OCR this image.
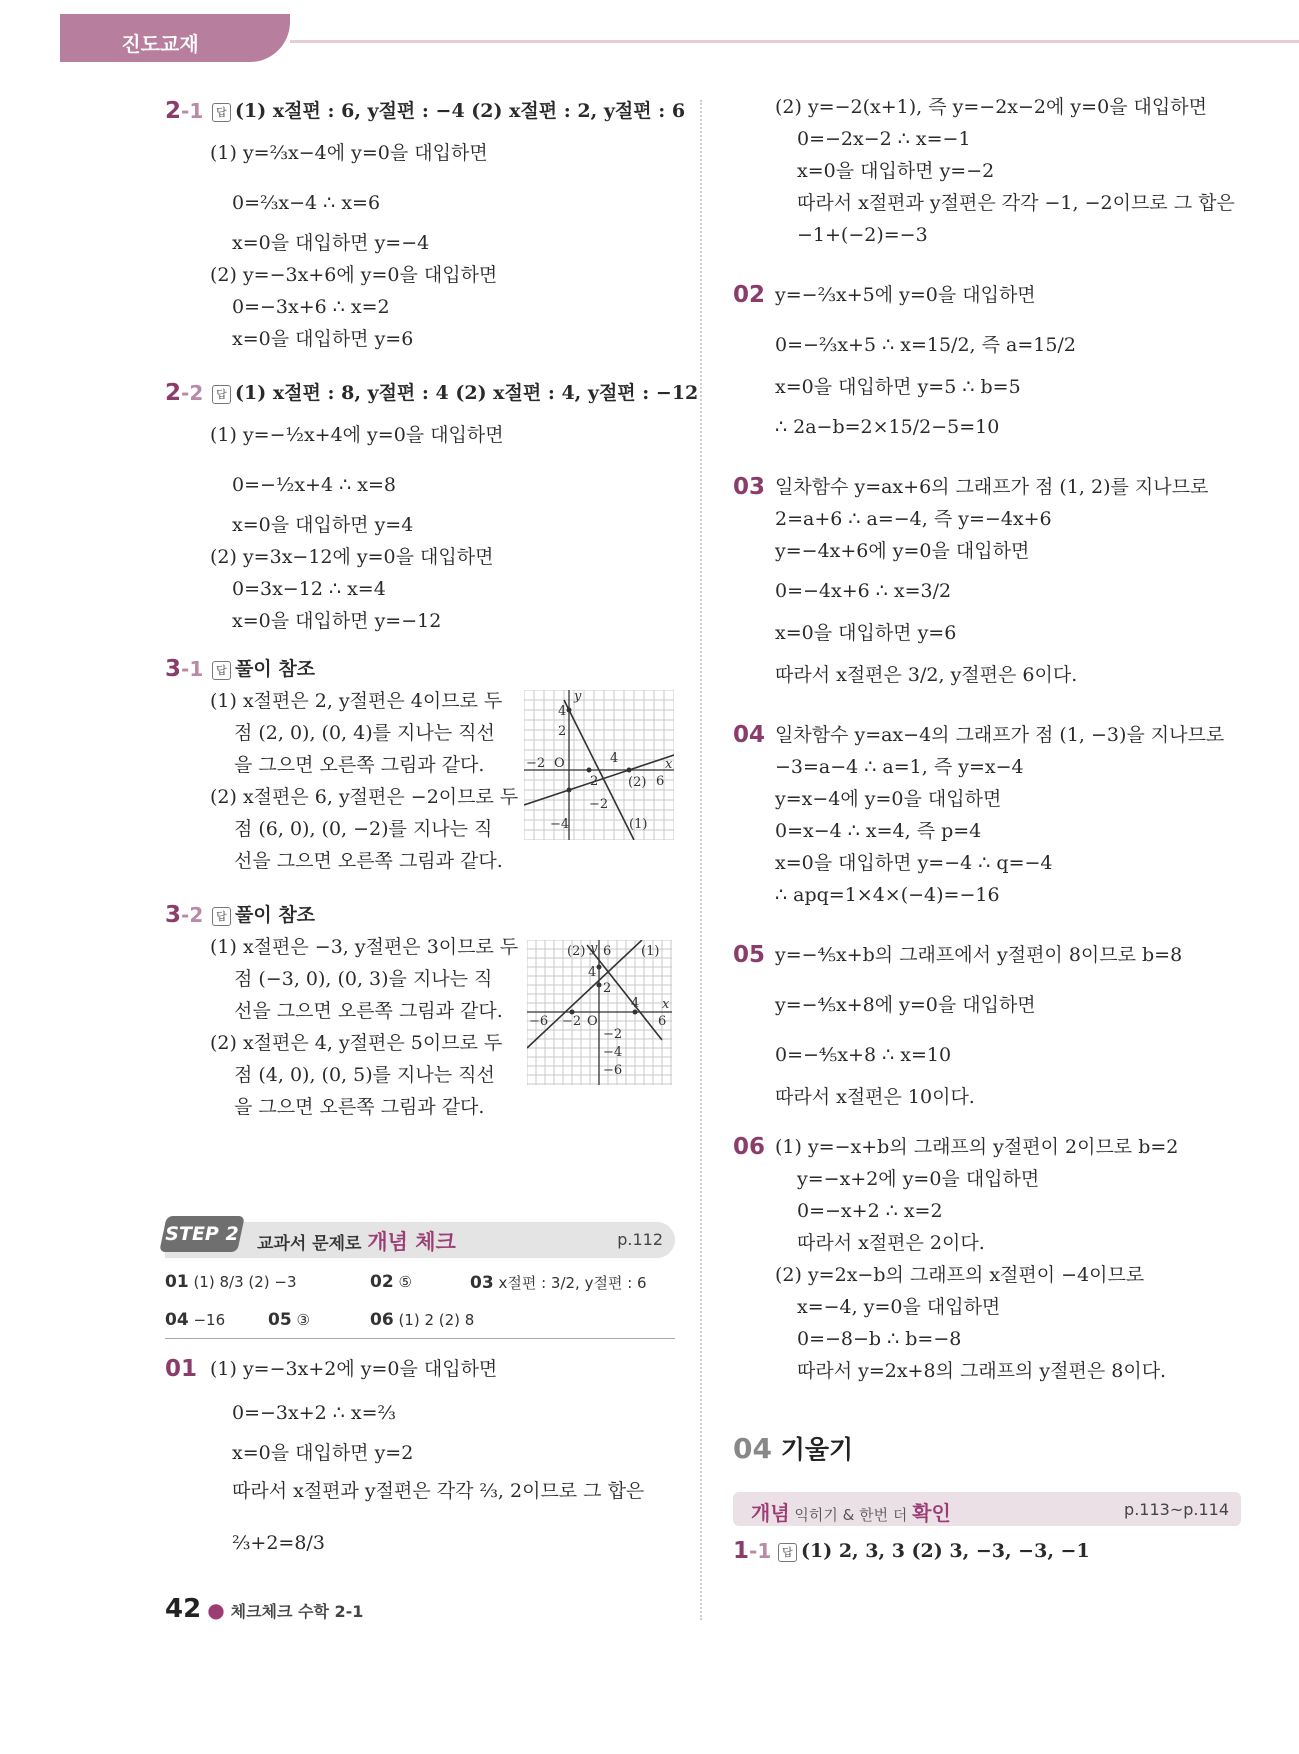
진도교재
2-1	답 (1) x절편 : 6, y절편 : −4 (2) x절편 : 2, y절편 : 6
(1) y=⅔x−4에 y=0을 대입하면
0=⅔x−4 ∴ x=6
x=0을 대입하면 y=−4
(2) y=−3x+6에 y=0을 대입하면
0=−3x+6 ∴ x=2
x=0을 대입하면 y=6
2-2	답 (1) x절편 : 8, y절편 : 4 (2) x절편 : 4, y절편 : −12
(1) y=−½x+4에 y=0을 대입하면
0=−½x+4 ∴ x=8
x=0을 대입하면 y=4
(2) y=3x−12에 y=0을 대입하면
0=3x−12 ∴ x=4
x=0을 대입하면 y=−12
3-1	답 풀이 참조
(1) x절편은 2, y절편은 4이므로 두
점 (2, 0), (0, 4)를 지나는 직선
을 그으면 오른쪽 그림과 같다.
(2) x절편은 6, y절편은 −2이므로 두
점 (6, 0), (0, −2)를 지나는 직
선을 그으면 오른쪽 그림과 같다.
y
x
O
4
2
−2
−4
−2
2
4
6
(1)
(2)
3-2	답 풀이 참조
(1) x절편은 −3, y절편은 3이므로 두
점 (−3, 0), (0, 3)을 지나는 직
선을 그으면 오른쪽 그림과 같다.
(2) x절편은 4, y절편은 5이므로 두
점 (4, 0), (0, 5)를 지나는 직선
을 그으면 오른쪽 그림과 같다.
y
x
O
6
4
2
−2
−4
−6
−6 −2
4
6
(2)	(1)
STEP 2 교과서 문제로 개념 체크	p.112
01 (1) 8/3 (2) −3	02 ⑤	03 x절편 : 3/2, y절편 : 6
04 −16	05 ③	06 (1) 2 (2) 8
01 (1) y=−3x+2에 y=0을 대입하면
0=−3x+2 ∴ x=⅔
x=0을 대입하면 y=2
따라서 x절편과 y절편은 각각 ⅔, 2이므로 그 합은
⅔+2=8/3
(2) y=−2(x+1), 즉 y=−2x−2에 y=0을 대입하면
0=−2x−2 ∴ x=−1
x=0을 대입하면 y=−2
따라서 x절편과 y절편은 각각 −1, −2이므로 그 합은
−1+(−2)=−3
02 y=−⅔x+5에 y=0을 대입하면
0=−⅔x+5 ∴ x=15/2, 즉 a=15/2
x=0을 대입하면 y=5 ∴ b=5
∴ 2a−b=2×15/2−5=10
03 일차함수 y=ax+6의 그래프가 점 (1, 2)를 지나므로
2=a+6 ∴ a=−4, 즉 y=−4x+6
y=−4x+6에 y=0을 대입하면
0=−4x+6 ∴ x=3/2
x=0을 대입하면 y=6
따라서 x절편은 3/2, y절편은 6이다.
04 일차함수 y=ax−4의 그래프가 점 (1, −3)을 지나므로
−3=a−4 ∴ a=1, 즉 y=x−4
y=x−4에 y=0을 대입하면
0=x−4 ∴ x=4, 즉 p=4
x=0을 대입하면 y=−4 ∴ q=−4
∴ apq=1×4×(−4)=−16
05 y=−⅘x+b의 그래프에서 y절편이 8이므로 b=8
y=−⅘x+8에 y=0을 대입하면
0=−⅘x+8 ∴ x=10
따라서 x절편은 10이다.
06 (1) y=−x+b의 그래프의 y절편이 2이므로 b=2
y=−x+2에 y=0을 대입하면
0=−x+2 ∴ x=2
따라서 x절편은 2이다.
(2) y=2x−b의 그래프의 x절편이 −4이므로
x=−4, y=0을 대입하면
0=−8−b ∴ b=−8
따라서 y=2x+8의 그래프의 y절편은 8이다.
04 기울기
개념 익히기 & 한번 더 확인	p.113~p.114
1-1 답 (1) 2, 3, 3 (2) 3, −3, −3, −1
42 ● 체크체크 수학 2-1
